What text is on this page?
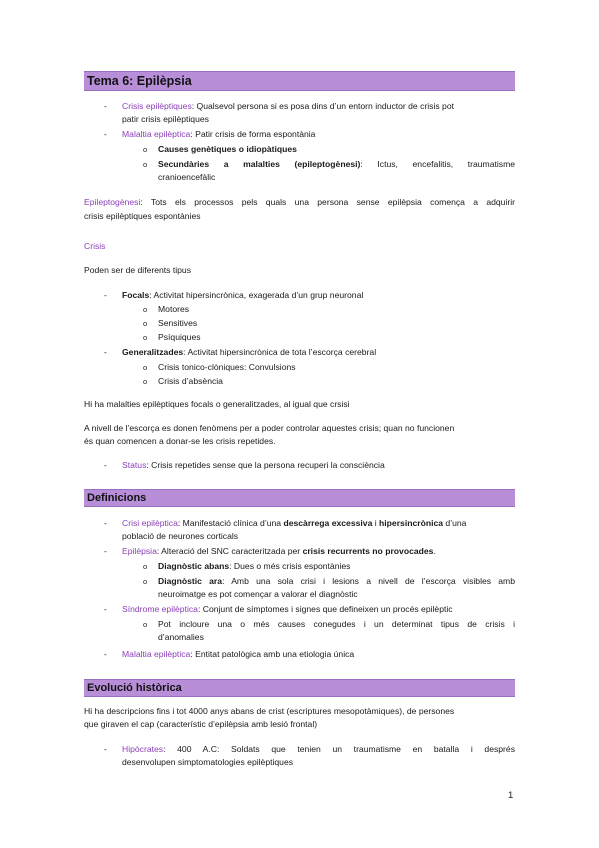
Tema 6: Epilèpsia
- Crisis epilèptiques: Qualsevol persona si es posa dins d’un entorn inductor de crisis pot
patir crisis epilèptiques
- Malaltia epilèptica: Patir crisis de forma espontània
o Causes genètiques o idiopàtiques
o Secundàries a malalties (epileptogènesi): Ictus, encefalitis, traumatisme
cranioencefàlic
Epileptogènesi: Tots els processos pels quals una persona sense epilèpsia comença a adquirir
crisis epilèptiques espontànies
Crisis
Poden ser de diferents tipus
- Focals: Activitat hipersincrònica, exagerada d’un grup neuronal
o Motores
o Sensitives
o Psíquiques
- Generalitzades: Activitat hipersincrònica de tota l’escorça cerebral
o Crisis tonico-clòniques: Convulsions
o Crisis d’absència
Hi ha malalties epilèptiques focals o generalitzades, al igual que crsisi
A nivell de l’escorça es donen fenòmens per a poder controlar aquestes crisis; quan no funcionen
és quan comencen a donar-se les crisis repetides.
- Status: Crisis repetides sense que la persona recuperi la consciència
Definicions
- Crisi epilèptica: Manifestació clínica d’una descàrrega excessiva i hipersincrònica d’una
població de neurones corticals
- Epilèpsia: Alteració del SNC caracteritzada per crisis recurrents no provocades.
o Diagnòstic abans: Dues o més crisis espontànies
o Diagnòstic ara: Amb una sola crisi i lesions a nivell de l’escorça visibles amb
neuroimatge es pot començar a valorar el diagnòstic
- Síndrome epilèptica: Conjunt de símptomes i signes que defineixen un procés epilèptic
o Pot incloure una o més causes conegudes i un determinat tipus de crisis i
d’anomalies
- Malaltia epilèptica: Entitat patològica amb una etiologia única
Evolució històrica
Hi ha descripcions fins i tot 4000 anys abans de crist (escriptures mesopotàmiques), de persones
que giraven el cap (característic d’epilèpsia amb lesió frontal)
- Hipòcrates: 400 A.C: Soldats que tenien un traumatisme en batalla i després
desenvolupen simptomatologies epilèptiques
1
